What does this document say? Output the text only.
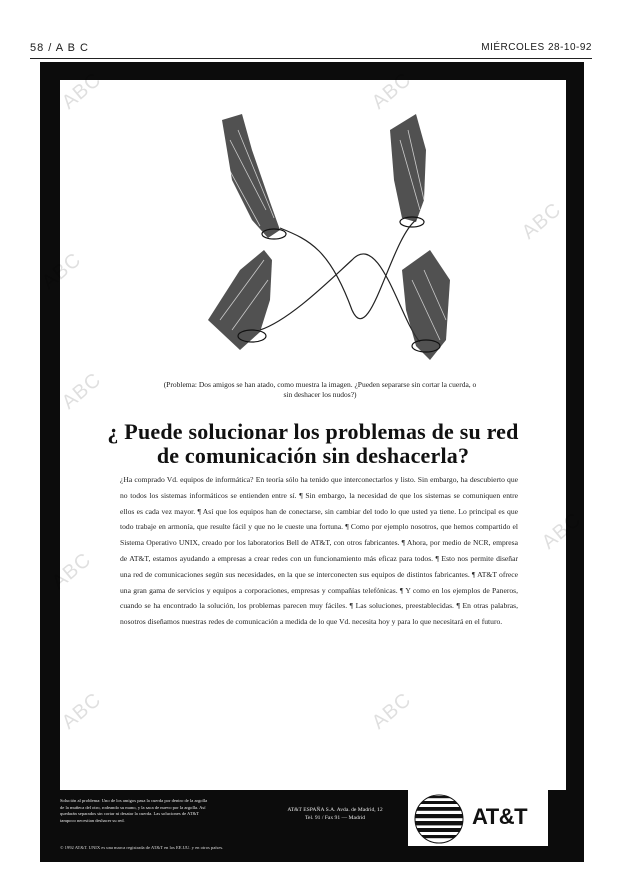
58 / A B C	MIÉRCOLES 28-10-92
(Problema: Dos amigos se han atado, como muestra la imagen. ¿Pueden separarse sin cortar la cuerda, o sin deshacer los nudos?)
¿ Puede solucionar los problemas de su red
de comunicación sin deshacerla?
¿Ha comprado Vd. equipos de informática? En teoría sólo ha tenido que interconectarlos y listo. Sin embargo, ha descubierto que no todos los sistemas informáticos se entienden entre sí. ¶ Sin embargo, la necesidad de que los sistemas se comuniquen entre ellos es cada vez mayor. ¶ Así que los equipos han de conectarse, sin cambiar del todo lo que usted ya tiene. Lo principal es que todo trabaje en armonía, que resulte fácil y que no le cueste una fortuna. ¶ Como por ejemplo nosotros, que hemos compartido el Sistema Operativo UNIX, creado por los laboratorios Bell de AT&T, con otros fabricantes. ¶ Ahora, por medio de NCR, empresa de AT&T, estamos ayudando a empresas a crear redes con un funcionamiento más eficaz para todos. ¶ Esto nos permite diseñar una red de comunicaciones según sus necesidades, en la que se interconecten sus equipos de distintos fabricantes. ¶ AT&T ofrece una gran gama de servicios y equipos a corporaciones, empresas y compañías telefónicas. ¶ Y como en los ejemplos de Paneros, cuando se ha encontrado la solución, los problemas parecen muy fáciles. ¶ Las soluciones, preestablecidas. ¶ En otras palabras, nosotros diseñamos nuestras redes de comunicación a medida de lo que Vd. necesita hoy y para lo que necesitará en el futuro.
Solución al problema: Uno de los amigos pasa la cuerda por dentro de la argolla de la muñeca del otro, rodeando su mano, y la saca de nuevo por la argolla. Así quedarán separados sin cortar ni desatar la cuerda. Las soluciones de AT&T tampoco necesitan deshacer su red.
AT&T ESPAÑA S.A. Avda. de Madrid, 12
Tel. 91 / Fax 91 — Madrid	AT&T
© 1992 AT&T. UNIX es una marca registrada de AT&T en los EE.UU. y en otros países.
ABC	ABC
ABC
ABC
ABC
ABC
ABC
ABC	ABC
